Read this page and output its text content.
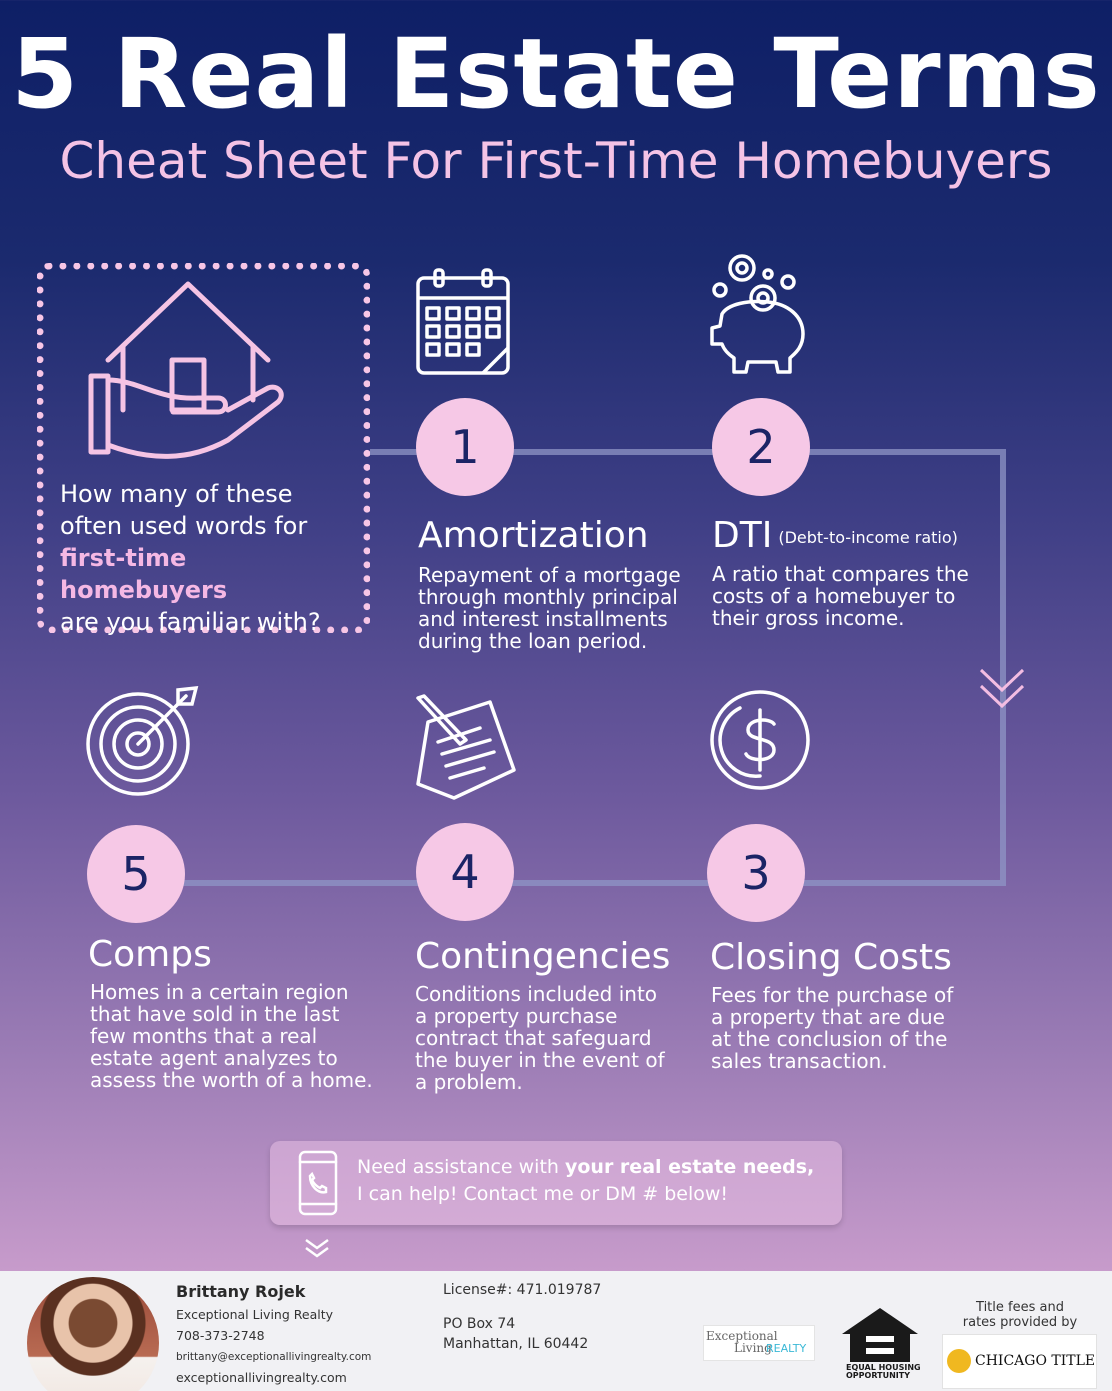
5 Real Estate Terms
Cheat Sheet For First-Time Homebuyers
How many of these
often used words for
first-time homebuyers
are you familiar with?
1	2
Amortization
Repayment of a mortgage through monthly principal and interest installments during the loan period.
DTI (Debt-to-income ratio)
A ratio that compares the costs of a homebuyer to their gross income.
5	4	3
Comps
Homes in a certain region that have sold in the last few months that a real estate agent analyzes to assess the worth of a home.
Contingencies
Conditions included into a property purchase contract that safeguard the buyer in the event of a problem.
Closing Costs
Fees for the purchase of a property that are due at the conclusion of the sales transaction.
Need assistance with your real estate needs,
I can help! Contact me or DM # below!
Brittany Rojek
Exceptional Living Realty
708-373-2748
brittany@exceptionallivingrealty.com
exceptionallivingrealty.com
License#: 471.019787
PO Box 74
Manhattan, IL 60442	Exceptional
Living
REALTY
EQUAL HOUSING
OPPORTUNITY
Title fees and
rates provided by
CHICAGO TITLE
